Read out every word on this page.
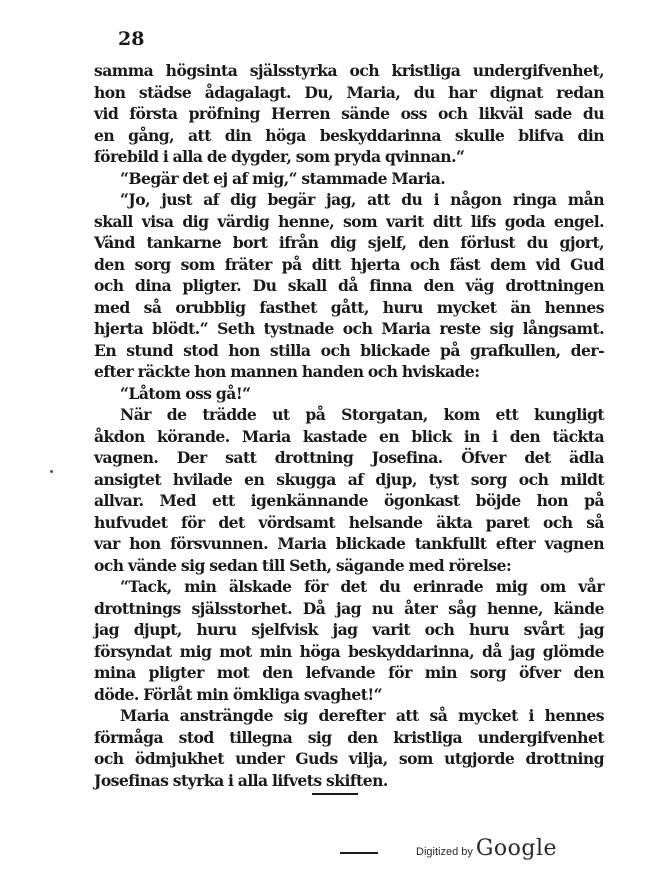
28
samma högsinta själsstyrka och kristliga undergifvenhet,
hon städse ådagalagt. Du, Maria, du har dignat redan
vid första pröfning Herren sände oss och likväl sade du
en gång, att din höga beskyddarinna skulle blifva din
förebild i alla de dygder, som pryda qvinnan.“
“Begär det ej af mig,“ stammade Maria.
“Jo, just af dig begär jag, att du i någon ringa mån
skall visa dig värdig henne, som varit ditt lifs goda engel.
Vänd tankarne bort ifrån dig sjelf, den förlust du gjort,
den sorg som fräter på ditt hjerta och fäst dem vid Gud
och dina pligter. Du skall då finna den väg drottningen
med så orubblig fasthet gått, huru mycket än hennes
hjerta blödt.“ Seth tystnade och Maria reste sig långsamt.
En stund stod hon stilla och blickade på grafkullen, der-
efter räckte hon mannen handen och hviskade:
“Låtom oss gå!“
När de trädde ut på Storgatan, kom ett kungligt
åkdon körande. Maria kastade en blick in i den täckta
vagnen. Der satt drottning Josefina. Öfver det ädla
ansigtet hvilade en skugga af djup, tyst sorg och mildt
allvar. Med ett igenkännande ögonkast böjde hon på
hufvudet för det vördsamt helsande äkta paret och så
var hon försvunnen. Maria blickade tankfullt efter vagnen
och vände sig sedan till Seth, sägande med rörelse:
“Tack, min älskade för det du erinrade mig om vår
drottnings själsstorhet. Då jag nu åter såg henne, kände
jag djupt, huru sjelfvisk jag varit och huru svårt jag
försyndat mig mot min höga beskyddarinna, då jag glömde
mina pligter mot den lefvande för min sorg öfver den
döde. Förlåt min ömkliga svaghet!“
Maria ansträngde sig derefter att så mycket i hennes
förmåga stod tillegna sig den kristliga undergifvenhet
och ödmjukhet under Guds vilja, som utgjorde drottning
Josefinas styrka i alla lifvets skiften.
Digitized by Google
